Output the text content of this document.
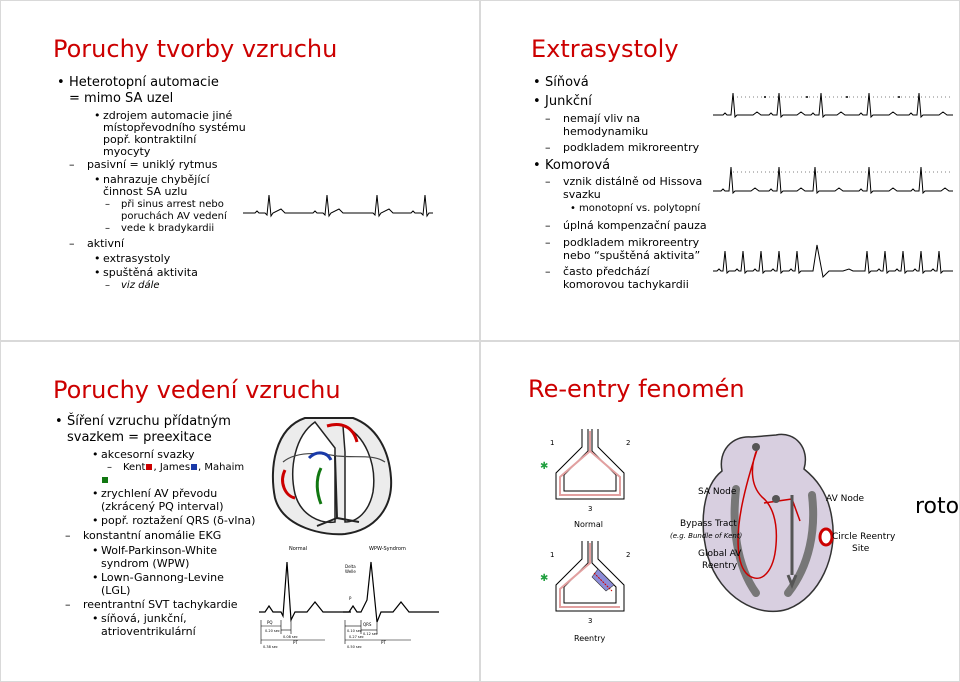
Poruchy tvorby vzruchu
• Heterotopní automacie
= mimo SA uzel
• zdrojem automacie jiné
místopřevodního systému
popř. kontraktilní
myocyty
– pasivní = uniklý rytmus
• nahrazuje chybějící
činnost SA uzlu
– při sinus arrest nebo
poruchách AV vedení
– vede k bradykardii
– aktivní
• extrasystoly
• spuštěná aktivita
– viz dále
Extrasystoly
• Síňová
• Junkční
– nemají vliv na
hemodynamiku
– podkladem mikroreentry
• Komorová
– vznik distálně od Hissova
svazku
• monotopní vs. polytopní
– úplná kompenzační pauza
– podkladem mikroreentry
nebo “spuštěná aktivita”
– často předchází
komorovou tachykardii
Poruchy vedení vzruchu
• Šíření vzruchu přídatným
svazkem = preexitace
• akcesorní svazky
– Kent , James , Mahaim
• zrychlení AV převodu
(zkrácený PQ interval)
• popř. roztažení QRS (δ-vlna)
– konstantní anomálie EKG
• Wolf-Parkinson-White
syndrom (WPW)
• Lown-Gannong-Levine
(LGL)
– reentrantní SVT tachykardie
• síňová, junkční,
atrioventrikulární
Normal
PQ
0.20 sec
0.08 sec
PT
0.38 sec
WPW-Syndrom
Delta
Welle
P
QRS
0.12 sec
0.10 sec
0.27 sec
PT
0.50 sec
Re-entry fenomén
1	2
3
Normal
✱
1	2
3
Reentry
✱
SA Node
AV Node
Bypass Tract
(e.g. Bundle of Kent)
Global AV
Reentry
Circle Reentry
Site
roto
